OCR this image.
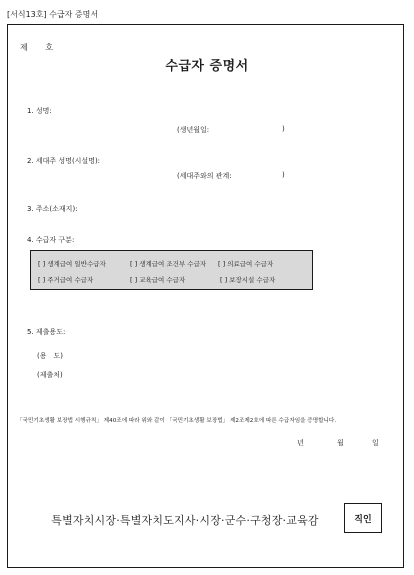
[서식13호] 수급자 증명서
제　　호
수급자 증명서
1. 성명:
(생년월일:	)
2. 세대주 성명(시설명):
(세대주와의 관계:	)
3. 주소(소재지):
4. 수급자 구분:
[ ] 생계급여 일반수급자	[ ] 생계급여 조건부 수급자 [ ] 의료급여 수급자
[ ] 주거급여 수급자	[ ] 교육급여 수급자	[ ] 보장시설 수급자
5. 제출용도:
(용　도)
(제출처)
「국민기초생활 보장법 시행규칙」 제40조에 따라 위와 같이 「국민기초생활 보장법」 제2조제2호에 따른 수급자임을 증명합니다.
년	월	일
특별자치시장·특별자치도지사·시장·군수·구청장·교육감	직인
